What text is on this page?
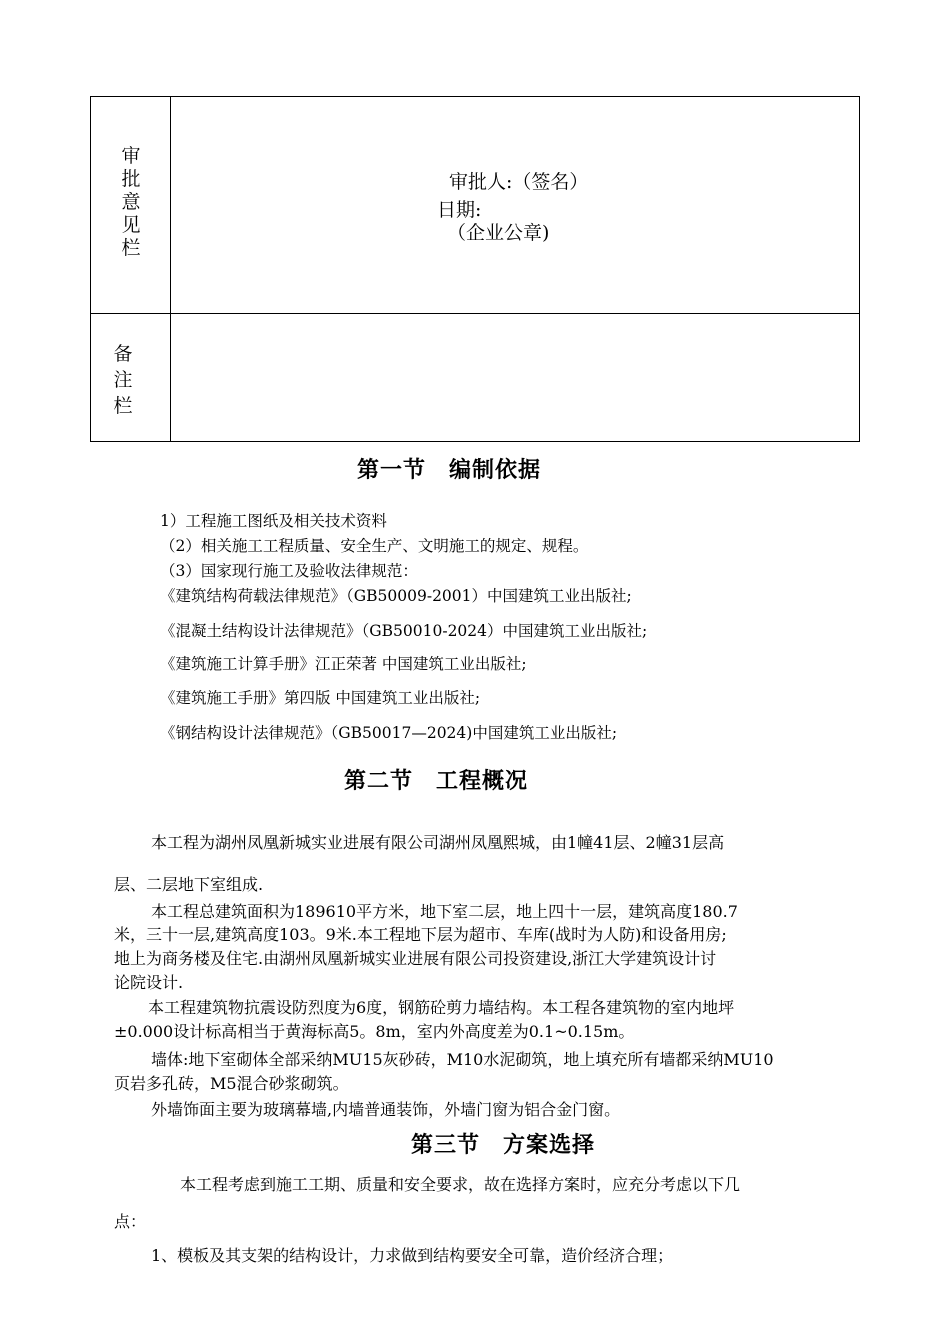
审批意见栏
审批人:（签名）
日期:
（企业公章)
备注栏
第一节　编制依据
1）工程施工图纸及相关技术资料
（2）相关施工工程质量、安全生产、文明施工的规定、规程。
（3）国家现行施工及验收法律规范：
《建筑结构荷载法律规范》（GB50009-2001）中国建筑工业出版社;
《混凝土结构设计法律规范》（GB50010-2024）中国建筑工业出版社;
《建筑施工计算手册》江正荣著 中国建筑工业出版社;
《建筑施工手册》第四版 中国建筑工业出版社;
《钢结构设计法律规范》（GB50017—2024)中国建筑工业出版社;
第二节　工程概况
本工程为湖州凤凰新城实业进展有限公司湖州凤凰熙城，由1幢41层、2幢31层高
层、二层地下室组成.
本工程总建筑面积为189610平方米，地下室二层，地上四十一层，建筑高度180.7
米，三十一层,建筑高度103。9米.本工程地下层为超市、车库(战时为人防)和设备用房;
地上为商务楼及住宅.由湖州凤凰新城实业进展有限公司投资建设,浙江大学建筑设计讨
论院设计.
本工程建筑物抗震设防烈度为6度，钢筋砼剪力墙结构。本工程各建筑物的室内地坪
±0.000设计标高相当于黄海标高5。8m，室内外高度差为0.1~0.15m。
墙体:地下室砌体全部采纳MU15灰砂砖，M10水泥砌筑，地上填充所有墙都采纳MU10
页岩多孔砖，M5混合砂浆砌筑。
外墙饰面主要为玻璃幕墙,内墙普通装饰，外墙门窗为铝合金门窗。
第三节　方案选择
本工程考虑到施工工期、质量和安全要求，故在选择方案时，应充分考虑以下几
点：
1、模板及其支架的结构设计，力求做到结构要安全可靠，造价经济合理；
